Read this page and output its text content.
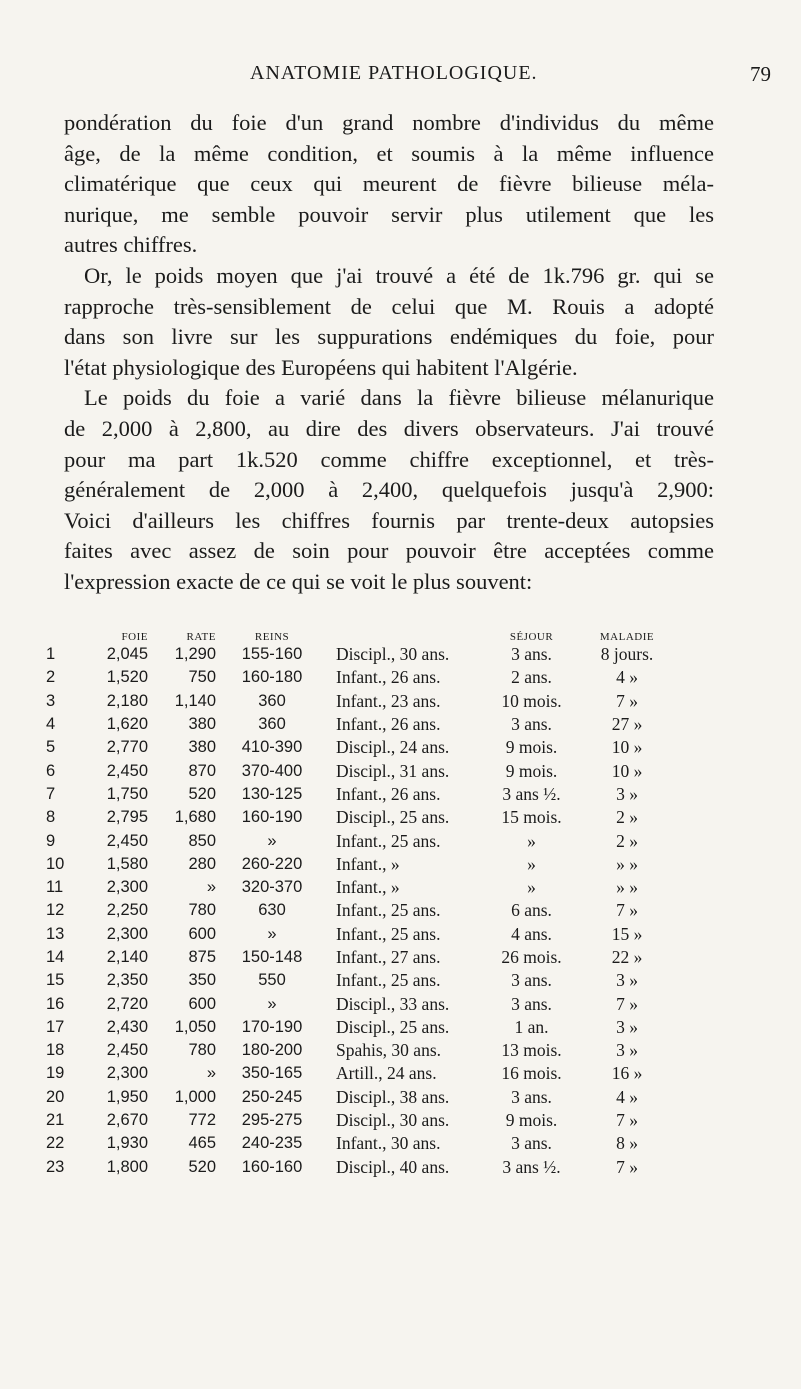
ANATOMIE PATHOLOGIQUE.	79

pondération du foie d'un grand nombre d'individus du même
âge, de la même condition, et soumis à la même influence
climatérique que ceux qui meurent de fièvre bilieuse méla-
nurique, me semble pouvoir servir plus utilement que les
autres chiffres.

Or, le poids moyen que j'ai trouvé a été de 1k.796 gr. qui se
rapproche très-sensiblement de celui que M. Rouis a adopté
dans son livre sur les suppurations endémiques du foie, pour
l'état physiologique des Européens qui habitent l'Algérie.

Le poids du foie a varié dans la fièvre bilieuse mélanurique
de 2,000 à 2,800, au dire des divers observateurs. J'ai trouvé
pour ma part 1k.520 comme chiffre exceptionnel, et très-
généralement de 2,000 à 2,400, quelquefois jusqu'à 2,900:
Voici d'ailleurs les chiffres fournis par trente-deux autopsies
faites avec assez de soin pour pouvoir être acceptées comme
l'expression exacte de ce qui se voit le plus souvent:

	FOIE	RATE	REINS		SÉJOUR	MALADIE
1	2,045	1,290	155-160	Discipl., 30 ans.	3 ans.	8 jours.
2	1,520	750	160-180	Infant., 26 ans.	2 ans.	4 »
3	2,180	1,140	360	Infant., 23 ans.	10 mois.	7 »
4	1,620	380	360	Infant., 26 ans.	3 ans.	27 »
5	2,770	380	410-390	Discipl., 24 ans.	9 mois.	10 »
6	2,450	870	370-400	Discipl., 31 ans.	9 mois.	10 »
7	1,750	520	130-125	Infant., 26 ans.	3 ans ½.	3 »
8	2,795	1,680	160-190	Discipl., 25 ans.	15 mois.	2 »
9	2,450	850	»	Infant., 25 ans.	»	2 »
10	1,580	280	260-220	Infant., »	»	» »
11	2,300	»	320-370	Infant., »	»	» »
12	2,250	780	630	Infant., 25 ans.	6 ans.	7 »
13	2,300	600	»	Infant., 25 ans.	4 ans.	15 »
14	2,140	875	150-148	Infant., 27 ans.	26 mois.	22 »
15	2,350	350	550	Infant., 25 ans.	3 ans.	3 »
16	2,720	600	»	Discipl., 33 ans.	3 ans.	7 »
17	2,430	1,050	170-190	Discipl., 25 ans.	1 an.	3 »
18	2,450	780	180-200	Spahis, 30 ans.	13 mois.	3 »
19	2,300	»	350-165	Artill., 24 ans.	16 mois.	16 »
20	1,950	1,000	250-245	Discipl., 38 ans.	3 ans.	4 »
21	2,670	772	295-275	Discipl., 30 ans.	9 mois.	7 »
22	1,930	465	240-235	Infant., 30 ans.	3 ans.	8 »
23	1,800	520	160-160	Discipl., 40 ans.	3 ans ½.	7 »
